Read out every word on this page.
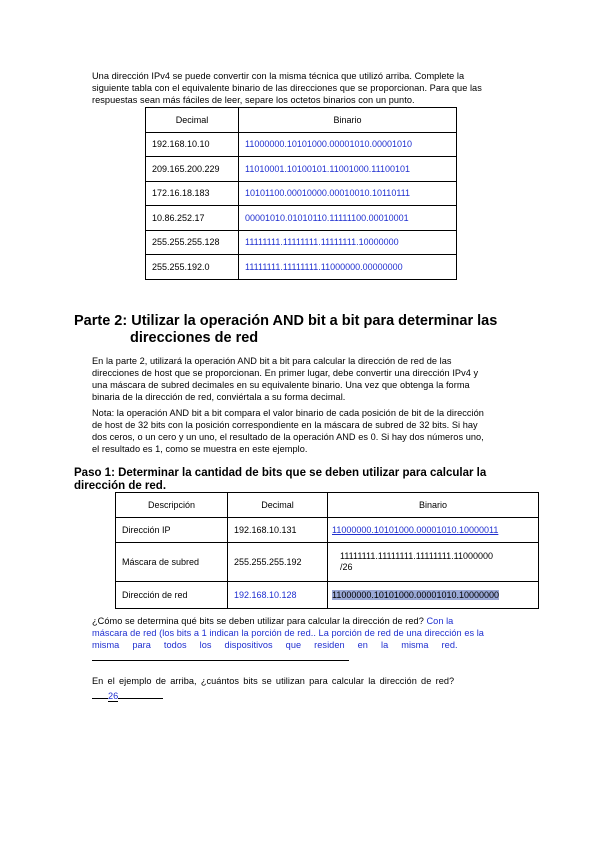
Una dirección IPv4 se puede convertir con la misma técnica que utilizó arriba. Complete la
siguiente tabla con el equivalente binario de las direcciones que se proporcionan. Para que las
respuestas sean más fáciles de leer, separe los octetos binarios con un punto.
Decimal	Binario
192.168.10.10	11000000.10101000.00001010.00001010
209.165.200.229	11010001.10100101.11001000.11100101
172.16.18.183	10101100.00010000.00010010.10110111
10.86.252.17	00001010.01010110.11111100.00010001
255.255.255.128	11111111.11111111.11111111.10000000
255.255.192.0	11111111.11111111.11000000.00000000
Parte 2: Utilizar la operación AND bit a bit para determinar las
direcciones de red
En la parte 2, utilizará la operación AND bit a bit para calcular la dirección de red de las
direcciones de host que se proporcionan. En primer lugar, debe convertir una dirección IPv4 y
una máscara de subred decimales en su equivalente binario. Una vez que obtenga la forma
binaria de la dirección de red, conviértala a su forma decimal.
Nota: la operación AND bit a bit compara el valor binario de cada posición de bit de la dirección
de host de 32 bits con la posición correspondiente en la máscara de subred de 32 bits. Si hay
dos ceros, o un cero y un uno, el resultado de la operación AND es 0. Si hay dos números uno,
el resultado es 1, como se muestra en este ejemplo.
Paso 1: Determinar la cantidad de bits que se deben utilizar para calcular la
dirección de red.
Descripción	Decimal	Binario
Dirección IP	192.168.10.131	11000000.10101000.00001010.10000011
Máscara de subred	255.255.255.192	11111111.11111111.11111111.11000000
/26

Dirección de red	192.168.10.128	11000000.10101000.00001010.10000000
¿Cómo se determina qué bits se deben utilizar para calcular la dirección de red? Con la
máscara de red (los bits a 1 indican la porción de red.. La porción de red de una dirección es la
misma     para     todos     los     dispositivos     que     residen     en     la     misma     red.
En el ejemplo de arriba, ¿cuántos bits se utilizan para calcular la dirección de red?
26
